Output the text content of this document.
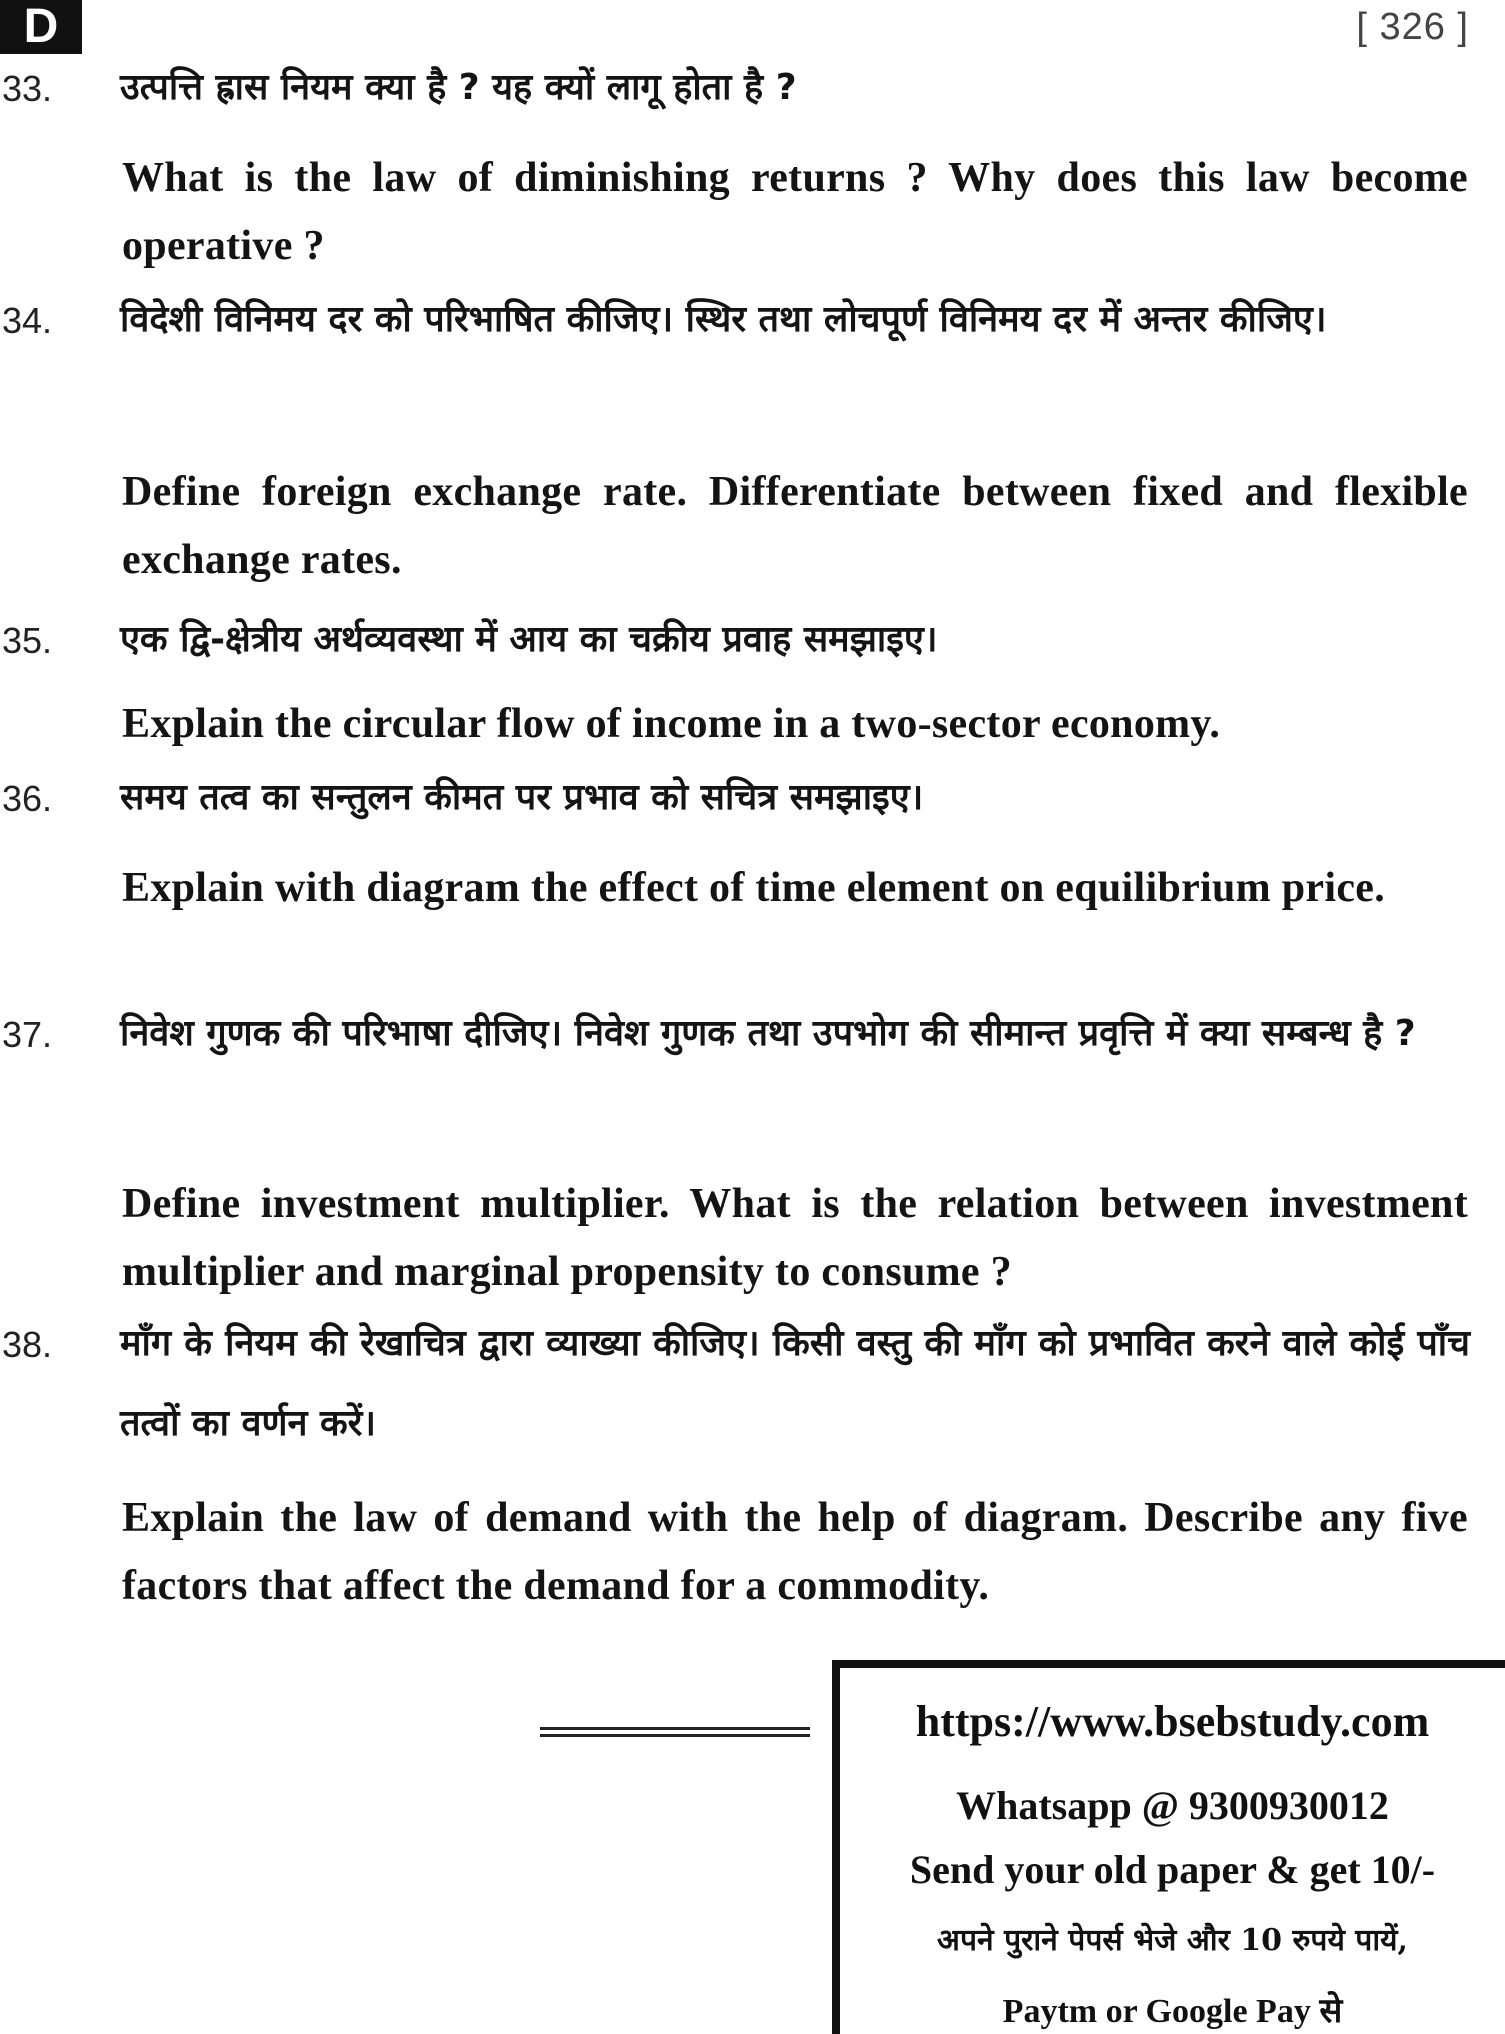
D	[ 326 ]
33. उत्पत्ति ह्रास नियम क्या है ? यह क्यों लागू होता है ?
What is the law of diminishing returns ? Why does this law become operative ?
34. विदेशी विनिमय दर को परिभाषित कीजिए। स्थिर तथा लोचपूर्ण विनिमय दर में अन्तर कीजिए।
Define foreign exchange rate. Differentiate between fixed and flexible exchange rates.
35. एक द्वि-क्षेत्रीय अर्थव्यवस्था में आय का चक्रीय प्रवाह समझाइए।
Explain the circular flow of income in a two-sector economy.
36. समय तत्व का सन्तुलन कीमत पर प्रभाव को सचित्र समझाइए।
Explain with diagram the effect of time element on equilibrium price.
37. निवेश गुणक की परिभाषा दीजिए। निवेश गुणक तथा उपभोग की सीमान्त प्रवृत्ति में क्या सम्बन्ध है ?
Define investment multiplier. What is the relation between investment multiplier and marginal propensity to consume ?
38. माँग के नियम की रेखाचित्र द्वारा व्याख्या कीजिए। किसी वस्तु की माँग को प्रभावित करने वाले कोई पाँच तत्वों का वर्णन करें।
Explain the law of demand with the help of diagram. Describe any five factors that affect the demand for a commodity.
https://www.bsebstudy.com
Whatsapp @ 9300930012
Send your old paper & get 10/-
अपने पुराने पेपर्स भेजे और 10 रुपये पायें,
Paytm or Google Pay से
